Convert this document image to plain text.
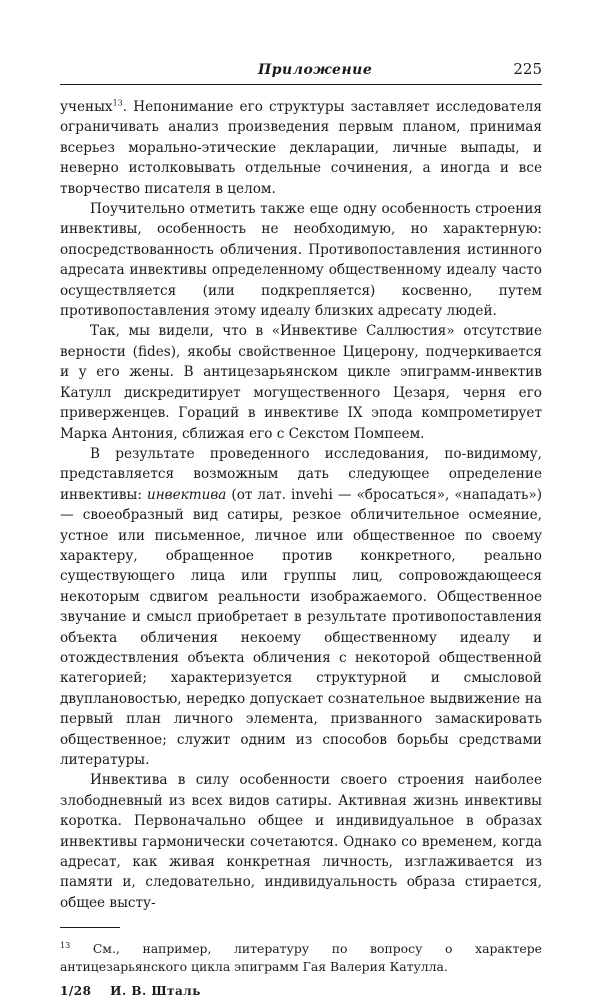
Приложение	225

ученых$^{13}$. Непонимание его структуры заставляет исследователя ограничивать анализ произведения первым планом, принимая всерьез морально-этические декларации, личные выпады, и неверно истолковывать отдельные сочинения, а иногда и все творчество писателя в целом.

Поучительно отметить также еще одну особенность строения инвективы, особенность не необходимую, но характерную: опосредствованность обличения. Противопоставления истинного адресата инвективы определенному общественному идеалу часто осуществляется (или подкрепляется) косвенно, путем противопоставления этому идеалу близких адресату людей.

Так, мы видели, что в «Инвективе Саллюстия» отсутствие верности (fides), якобы свойственное Цицерону, подчеркивается и у его жены. В антицезарьянском цикле эпиграмм-инвектив Катулл дискредитирует могущественного Цезаря, черня его приверженцев. Гораций в инвективе IX эпода компрометирует Марка Антония, сближая его с Секстом Помпеем.

В результате проведенного исследования, по-видимому, представляется возможным дать следующее определение инвективы: инвектива (от лат. invehi — «бросаться», «нападать») — своеобразный вид сатиры, резкое обличительное осмеяние, устное или письменное, личное или общественное по своему характеру, обращенное против конкретного, реально существующего лица или группы лиц, сопровождающееся некоторым сдвигом реальности изображаемого. Общественное звучание и смысл приобретает в результате противопоставления объекта обличения некоему общественному идеалу и отождествления объекта обличения с некоторой общественной категорией; характеризуется структурной и смысловой двуплановостью, нередко допускает сознательное выдвижение на первый план личного элемента, призванного замаскировать общественное; служит одним из способов борьбы средствами литературы.

Инвектива в силу особенности своего строения наиболее злободневный из всех видов сатиры. Активная жизнь инвективы коротка. Первоначально общее и индивидуальное в образах инвективы гармонически сочетаются. Однако со временем, когда адресат, как живая конкретная личность, изглаживается из памяти и, следовательно, индивидуальность образа стирается, общее высту-

$^{13}$ См., например, литературу по вопросу о характере антицезарьянского цикла эпиграмм Гая Валерия Катулла.

1/28 И. В. Шталь
